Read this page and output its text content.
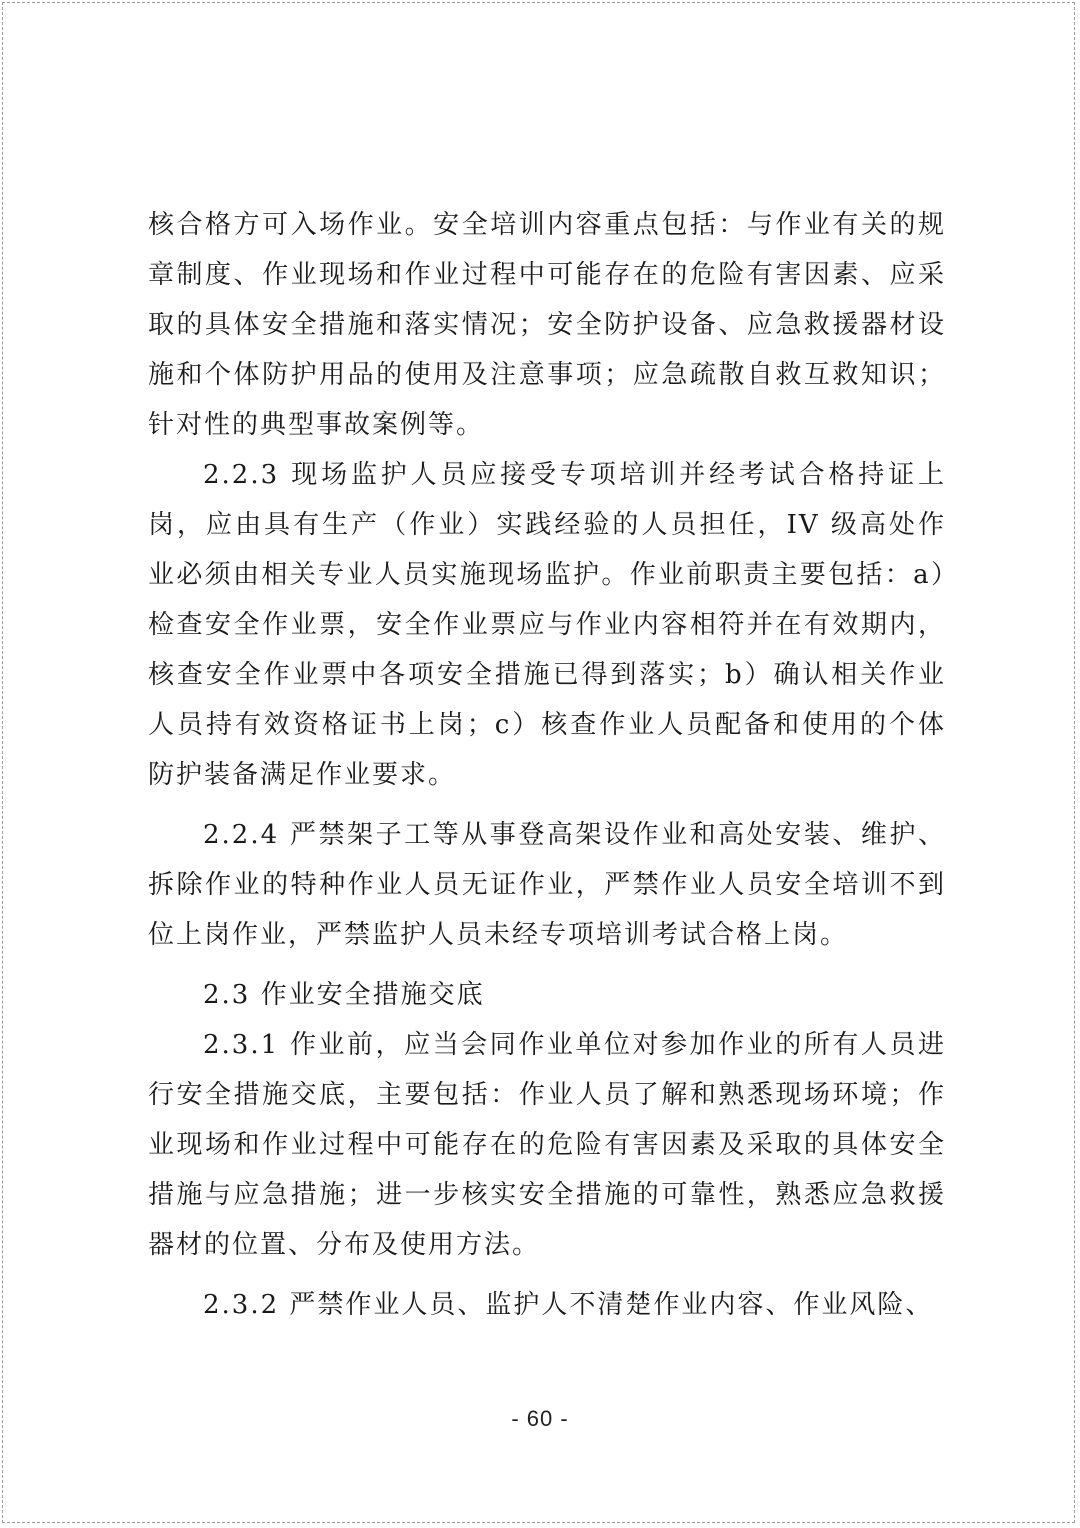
核合格方可入场作业。安全培训内容重点包括：与作业有关的规章制度、作业现场和作业过程中可能存在的危险有害因素、应采取的具体安全措施和落实情况；安全防护设备、应急救援器材设施和个体防护用品的使用及注意事项；应急疏散自救互救知识；针对性的典型事故案例等。

2.2.3 现场监护人员应接受专项培训并经考试合格持证上岗，应由具有生产（作业）实践经验的人员担任，IV 级高处作业必须由相关专业人员实施现场监护。作业前职责主要包括：a）检查安全作业票，安全作业票应与作业内容相符并在有效期内，核查安全作业票中各项安全措施已得到落实；b）确认相关作业人员持有效资格证书上岗；c）核查作业人员配备和使用的个体防护装备满足作业要求。

2.2.4 严禁架子工等从事登高架设作业和高处安装、维护、拆除作业的特种作业人员无证作业，严禁作业人员安全培训不到位上岗作业，严禁监护人员未经专项培训考试合格上岗。

2.3 作业安全措施交底

2.3.1 作业前，应当会同作业单位对参加作业的所有人员进行安全措施交底，主要包括：作业人员了解和熟悉现场环境；作业现场和作业过程中可能存在的危险有害因素及采取的具体安全措施与应急措施；进一步核实安全措施的可靠性，熟悉应急救援器材的位置、分布及使用方法。

2.3.2 严禁作业人员、监护人不清楚作业内容、作业风险、

- 60 -
